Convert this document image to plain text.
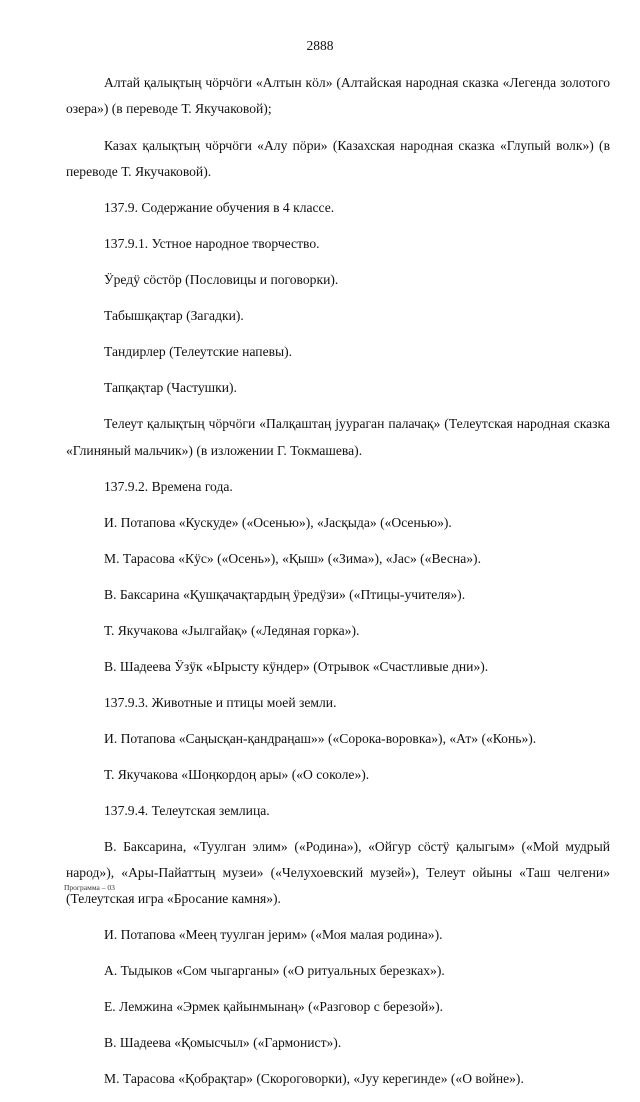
2888

Алтай қалықтың чӧрчӧги «Алтын кӧл» (Алтайская народная сказка «Легенда золотого озера») (в переводе Т. Якучаковой);

Казах қалықтың чӧрчӧги «Алу пӧри» (Казахская народная сказка «Глупый волк») (в переводе Т. Якучаковой).

137.9. Содержание обучения в 4 классе.

137.9.1. Устное народное творчество.

Ӱредӱ сӧстӧр (Пословицы и поговорки).

Табышқақтар (Загадки).

Тандирлер (Телеутские напевы).

Тапқақтар (Частушки).

Телеут қалықтың чӧрчӧги «Палқаштаң јуураган палачақ» (Телеутская народная сказка «Глиняный мальчик») (в изложении Г. Токмашева).

137.9.2. Времена года.

И. Потапова «Кускуде» («Осенью»), «Јасқыда» («Осенью»).

М. Тарасова «Кӱс» («Осень»), «Қыш» («Зима»), «Јас» («Весна»).

В. Баксарина «Қушқачақтардың ӱредӱзи» («Птицы-учителя»).

Т. Якучакова «Јылгайақ» («Ледяная горка»).

В. Шадеева Ӱзӱк «Ырысту кӱндер» (Отрывок «Счастливые дни»).

137.9.3. Животные и птицы моей земли.

И. Потапова «Саңысқан-қандраңаш»» («Сорока-воровка»), «Ат» («Конь»).

Т. Якучакова «Шоңкордоң ары» («О соколе»).

137.9.4. Телеутская землица.

В. Баксарина, «Туулган элим» («Родина»), «Ойгур сӧстӱ қалыгым» («Мой мудрый народ»), «Ары-Пайаттың музеи» («Челухоевский музей»), Телеут ойыны «Таш челгени» (Телеутская игра «Бросание камня»).

И. Потапова «Меең туулган јерим» («Моя малая родина»).

А. Тыдыков «Сом чыгарганы» («О ритуальных березках»).

Е. Лемжина «Эрмек қайынмынаң» («Разговор с березой»).

В. Шадеева «Қомысчыл» («Гармонист»).

М. Тарасова «Қобрақтар» (Скороговорки), «Јуу керегинде» («О войне»).

Программа – 03
